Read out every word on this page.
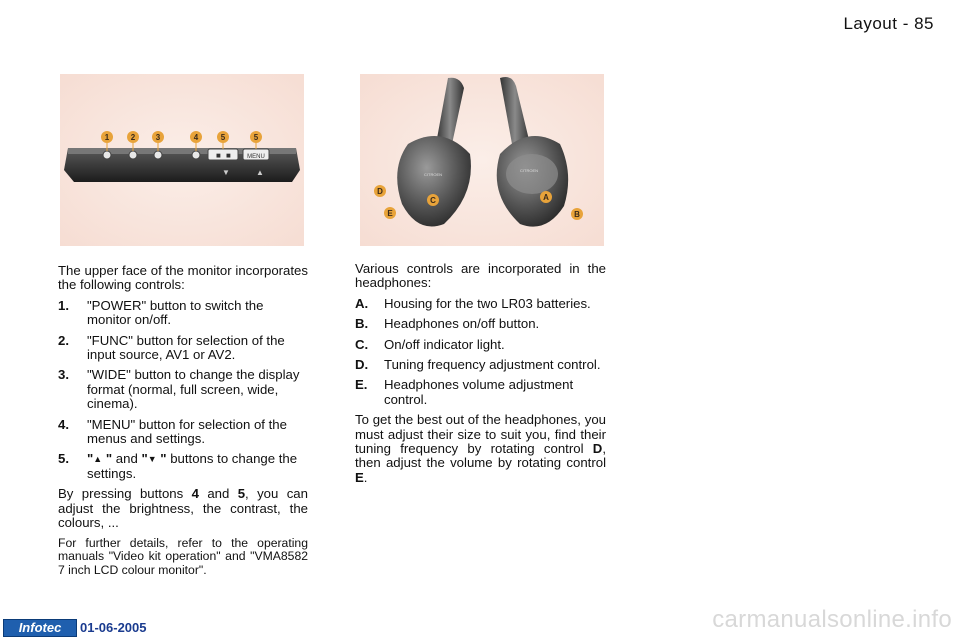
Layout - 85
MENU
■ ■
▼	▲
1	2	3	4	5	5
CITROEN
CITROEN
D
C
E
A
B

The upper face of the monitor incorporates the following controls:

1.	"POWER" button to switch the monitor on/off.
2.	"FUNC" button for selection of the input source, AV1 or AV2.
3.	"WIDE" button to change the display format (normal, full screen, wide, cinema).
4.	"MENU" button for selection of the menus and settings.
5.	"▲ " and "▼ " buttons to change the settings.

By pressing buttons 4 and 5, you can adjust the brightness, the contrast, the colours, ...

For further details, refer to the operating manuals "Video kit operation" and "VMA8582 7 inch LCD colour monitor".

Various controls are incorporated in the headphones:

A.	Housing for the two LR03 batteries.
B.	Headphones on/off button.
C.	On/off indicator light.
D.	Tuning frequency adjustment control.
E.	Headphones volume adjustment control.

To get the best out of the headphones, you must adjust their size to suit you, find their tuning frequency by rotating control D, then adjust the volume by rotating control E.

Infotec	01-06-2005	carmanualsonline.info
